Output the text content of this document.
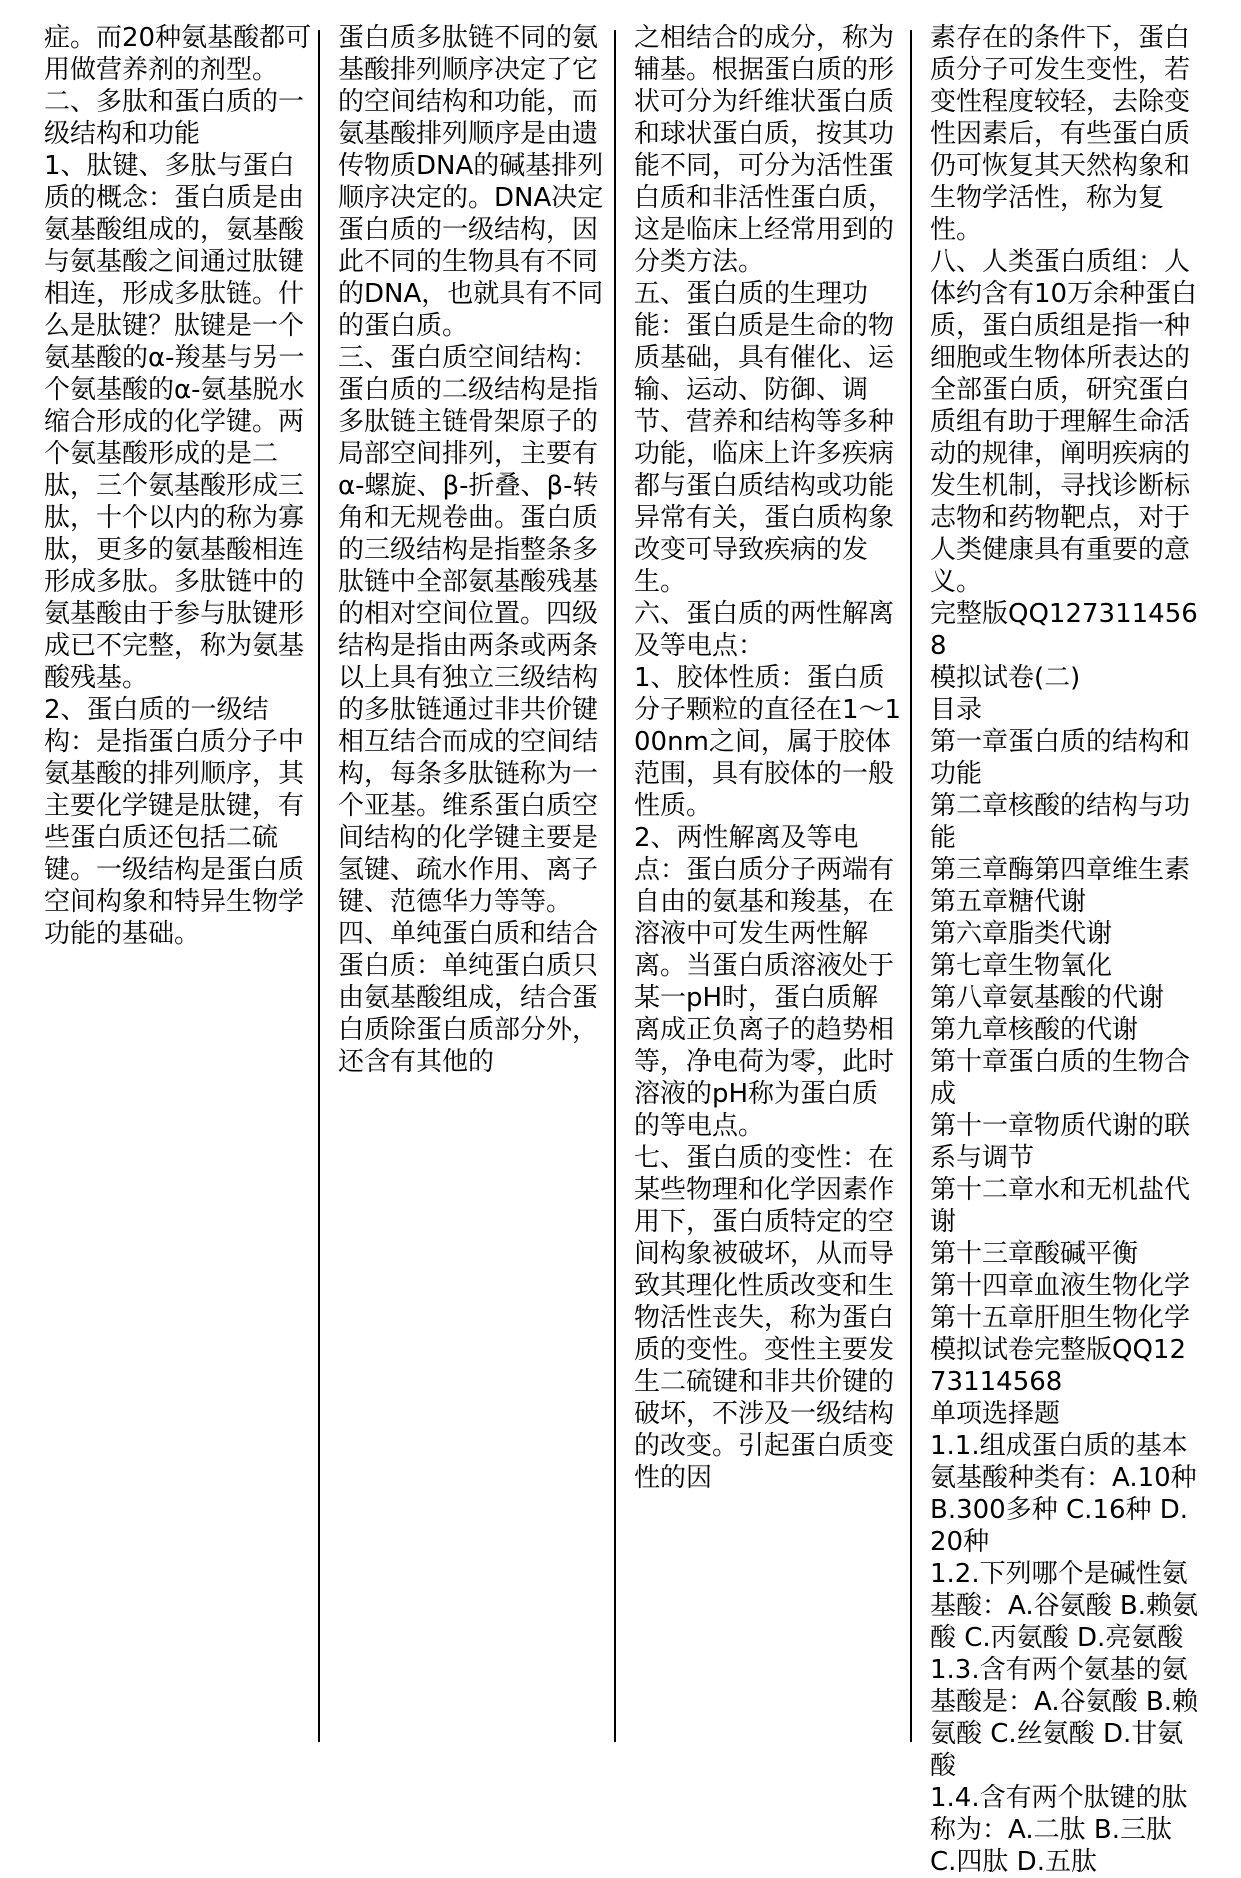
症。而20种氨基酸都可用做营养剂的剂型。

二、多肽和蛋白质的一级结构和功能

1、肽键、多肽与蛋白质的概念：蛋白质是由氨基酸组成的，氨基酸与氨基酸之间通过肽键相连，形成多肽链。什么是肽键？肽键是一个氨基酸的α-羧基与另一个氨基酸的α-氨基脱水缩合形成的化学键。两个氨基酸形成的是二肽，三个氨基酸形成三肽，十个以内的称为寡肽，更多的氨基酸相连形成多肽。多肽链中的氨基酸由于参与肽键形成已不完整，称为氨基酸残基。

2、蛋白质的一级结构：是指蛋白质分子中氨基酸的排列顺序，其主要化学键是肽键，有些蛋白质还包括二硫键。一级结构是蛋白质空间构象和特异生物学功能的基础。

蛋白质多肽链不同的氨基酸排列顺序决定了它的空间结构和功能，而氨基酸排列顺序是由遗传物质DNA的碱基排列顺序决定的。DNA决定蛋白质的一级结构，因此不同的生物具有不同的DNA，也就具有不同的蛋白质。

三、蛋白质空间结构：蛋白质的二级结构是指多肽链主链骨架原子的局部空间排列，主要有α-螺旋、β-折叠、β-转角和无规卷曲。蛋白质的三级结构是指整条多肽链中全部氨基酸残基的相对空间位置。四级结构是指由两条或两条以上具有独立三级结构的多肽链通过非共价键相互结合而成的空间结构，每条多肽链称为一个亚基。维系蛋白质空间结构的化学键主要是氢键、疏水作用、离子键、范德华力等等。

四、单纯蛋白质和结合蛋白质：单纯蛋白质只由氨基酸组成，结合蛋白质除蛋白质部分外，还含有其他的

之相结合的成分，称为辅基。根据蛋白质的形状可分为纤维状蛋白质和球状蛋白质，按其功能不同，可分为活性蛋白质和非活性蛋白质，这是临床上经常用到的分类方法。

五、蛋白质的生理功能：蛋白质是生命的物质基础，具有催化、运输、运动、防御、调节、营养和结构等多种功能，临床上许多疾病都与蛋白质结构或功能异常有关，蛋白质构象改变可导致疾病的发生。

六、蛋白质的两性解离及等电点：

1、胶体性质：蛋白质分子颗粒的直径在1～100nm之间，属于胶体范围，具有胶体的一般性质。

2、两性解离及等电点：蛋白质分子两端有自由的氨基和羧基，在溶液中可发生两性解离。当蛋白质溶液处于某一pH时，蛋白质解离成正负离子的趋势相等，净电荷为零，此时溶液的pH称为蛋白质的等电点。

七、蛋白质的变性：在某些物理和化学因素作用下，蛋白质特定的空间构象被破坏，从而导致其理化性质改变和生物活性丧失，称为蛋白质的变性。变性主要发生二硫键和非共价键的破坏，不涉及一级结构的改变。引起蛋白质变性的因

素存在的条件下，蛋白质分子可发生变性，若变性程度较轻，去除变性因素后，有些蛋白质仍可恢复其天然构象和生物学活性，称为复性。

八、人类蛋白质组：人体约含有10万余种蛋白质，蛋白质组是指一种细胞或生物体所表达的全部蛋白质，研究蛋白质组有助于理解生命活动的规律，阐明疾病的发生机制，寻找诊断标志物和药物靶点，对于人类健康具有重要的意义。

完整版QQ1273114568

模拟试卷(二)

目录

第一章蛋白质的结构和功能

第二章核酸的结构与功能

第三章酶第四章维生素

第五章糖代谢

第六章脂类代谢

第七章生物氧化

第八章氨基酸的代谢

第九章核酸的代谢

第十章蛋白质的生物合成

第十一章物质代谢的联系与调节

第十二章水和无机盐代谢

第十三章酸碱平衡

第十四章血液生物化学

第十五章肝胆生物化学

模拟试卷完整版QQ1273114568

单项选择题

1.1.组成蛋白质的基本氨基酸种类有：A.10种 B.300多种 C.16种 D.20种

1.2.下列哪个是碱性氨基酸：A.谷氨酸 B.赖氨酸 C.丙氨酸 D.亮氨酸

1.3.含有两个氨基的氨基酸是：A.谷氨酸 B.赖氨酸 C.丝氨酸 D.甘氨酸

1.4.含有两个肽键的肽称为：A.二肽 B.三肽 C.四肽 D.五肽
